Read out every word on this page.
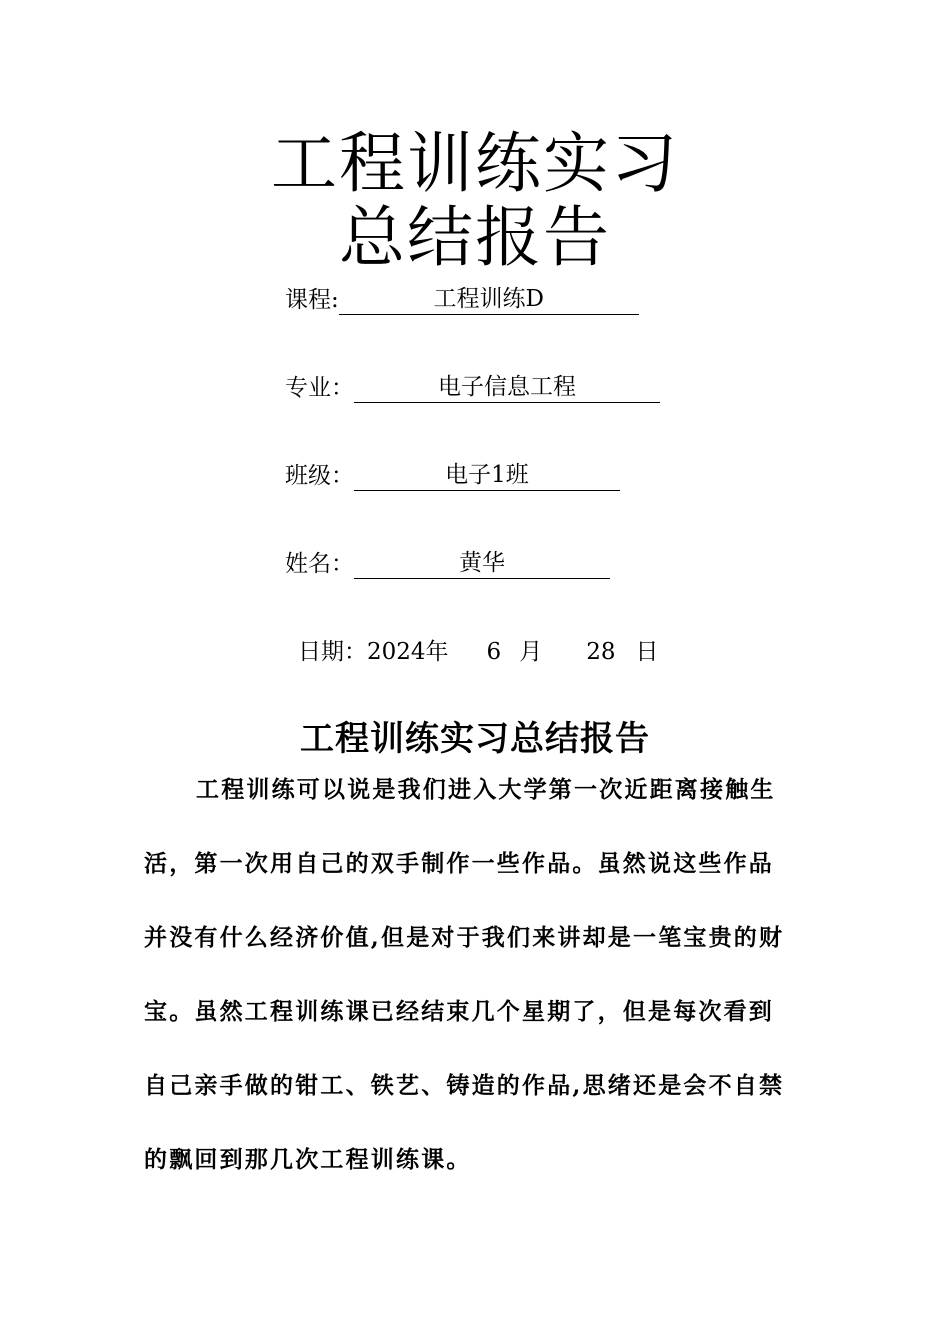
工程训练实习
总结报告
课程:	工程训练D
专业：	电子信息工程
班级：	电子1班
姓名：	黄华
日期：2024年 6 月 28 日
工程训练实习总结报告
工程训练可以说是我们进入大学第一次近距离接触生
活，第一次用自己的双手制作一些作品。虽然说这些作品
并没有什么经济价值,但是对于我们来讲却是一笔宝贵的财
宝。虽然工程训练课已经结束几个星期了，但是每次看到
自己亲手做的钳工、铁艺、铸造的作品,思绪还是会不自禁
的飘回到那几次工程训练课。
